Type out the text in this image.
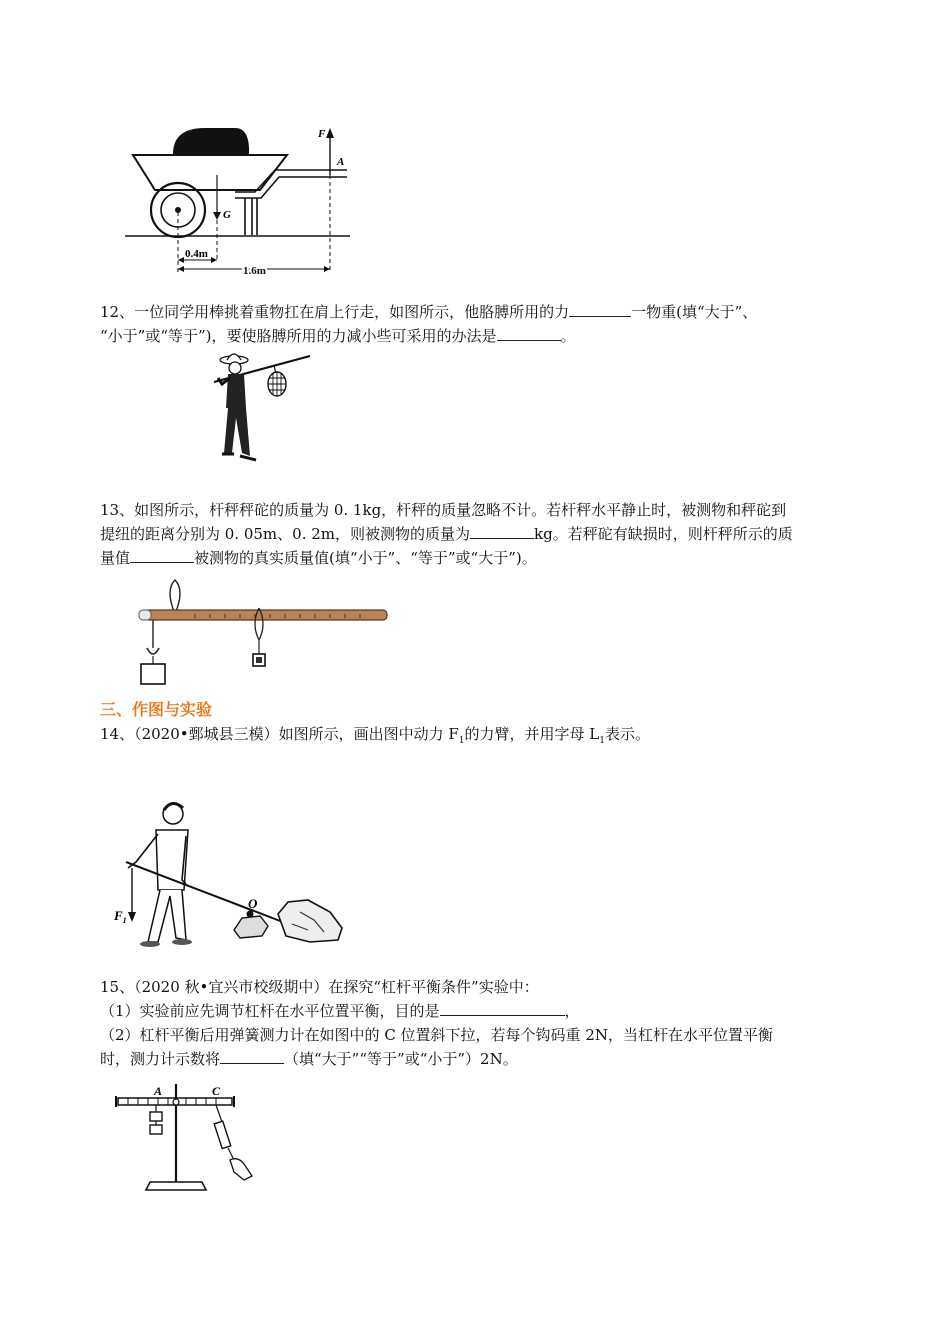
G
F
A
0.4m
1.6m
12、一位同学用棒挑着重物扛在肩上行走，如图所示，他胳膊所用的力	一物重(填“大于”、
“小于”或“等于”)，要使胳膊所用的力减小些可采用的办法是	。
13、如图所示，杆秤秤砣的质量为 0. 1kg，杆秤的质量忽略不计。若杆秤水平静止时，被测物和秤砣到
提纽的距离分别为 0. 05m、0. 2m，则被测物的质量为	kg。若秤砣有缺损时，则杆秤所示的质
量值	被测物的真实质量值(填“小于”、“等于”或“大于”)。
三、作图与实验
14、（2020•鄄城县三模）如图所示，画出图中动力 $F_1$的力臂，并用字母 $L_1$表示。
O
$F_1$
15、（2020 秋•宜兴市校级期中）在探究“杠杆平衡条件”实验中：
（1）实验前应先调节杠杆在水平位置平衡，目的是	，
（2）杠杆平衡后用弹簧测力计在如图中的 C 位置斜下拉，若每个钩码重 2N，当杠杆在水平位置平衡
时，测力计示数将	（填“大于”“等于”或“小于”）2N。
A	C
